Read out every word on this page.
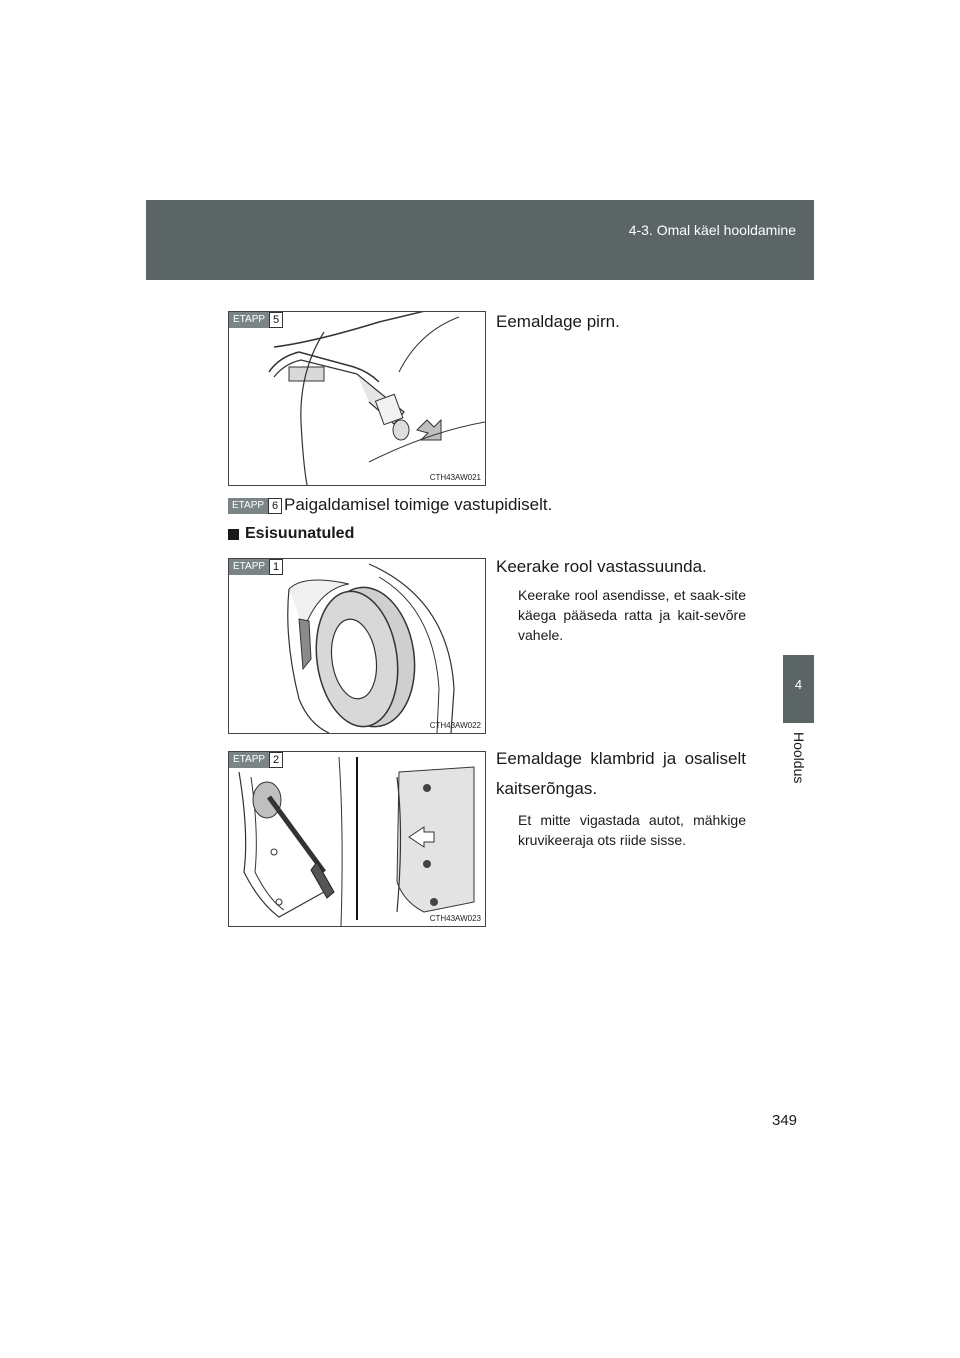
4-3. Omal käel hooldamine
4
Hooldus
ETAPP 5
CTH43AW021
Eemaldage pirn.
ETAPP 6 Paigaldamisel toimige vastupidiselt.
Esisuunatuled
ETAPP 1
CTH43AW022
Keerake rool vastassuunda.
Keerake rool asendisse, et saak-site käega pääseda ratta ja kait-sevõre vahele.
ETAPP 2
CTH43AW023
Eemaldage klambrid ja osaliselt kaitserõngas.
Et mitte vigastada autot, mähkige kruvikeeraja ots riide sisse.
349
